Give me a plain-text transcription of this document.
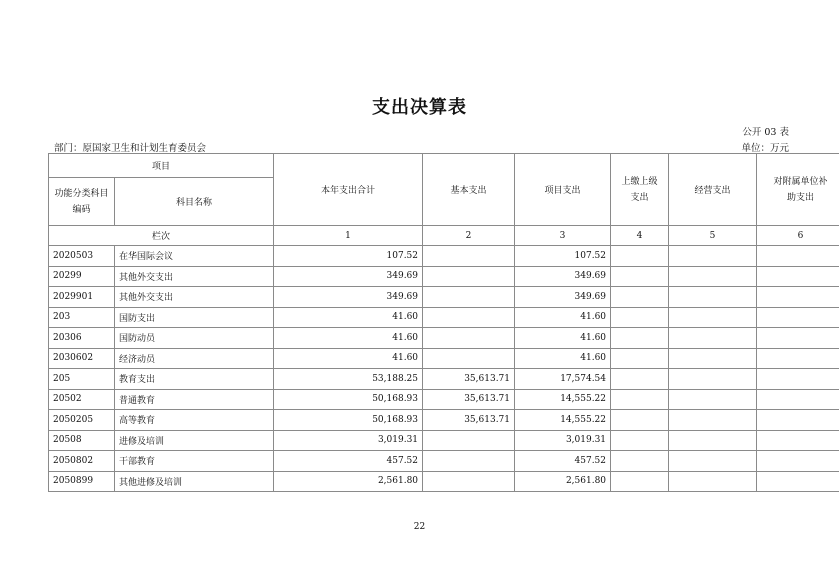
支出决算表
公开 03 表
部门：原国家卫生和计划生育委员会	单位：万元
项目		本年支出合计	基本支出	项目支出	上缴上级支出	经营支出	对附属单位补助支出
功能分类科目编码	科目名称						
栏次		1	2	3	4	5	6
2020503	在华国际会议	107.52		107.52			
20299	其他外交支出	349.69		349.69			
2029901	其他外交支出	349.69		349.69			
203	国防支出	41.60		41.60			
20306	国防动员	41.60		41.60			
2030602	经济动员	41.60		41.60			
205	教育支出	53,188.25	35,613.71	17,574.54			
20502	普通教育	50,168.93	35,613.71	14,555.22			
2050205	高等教育	50,168.93	35,613.71	14,555.22			
20508	进修及培训	3,019.31		3,019.31			
2050802	干部教育	457.52		457.52			
2050899	其他进修及培训	2,561.80		2,561.80			
22
